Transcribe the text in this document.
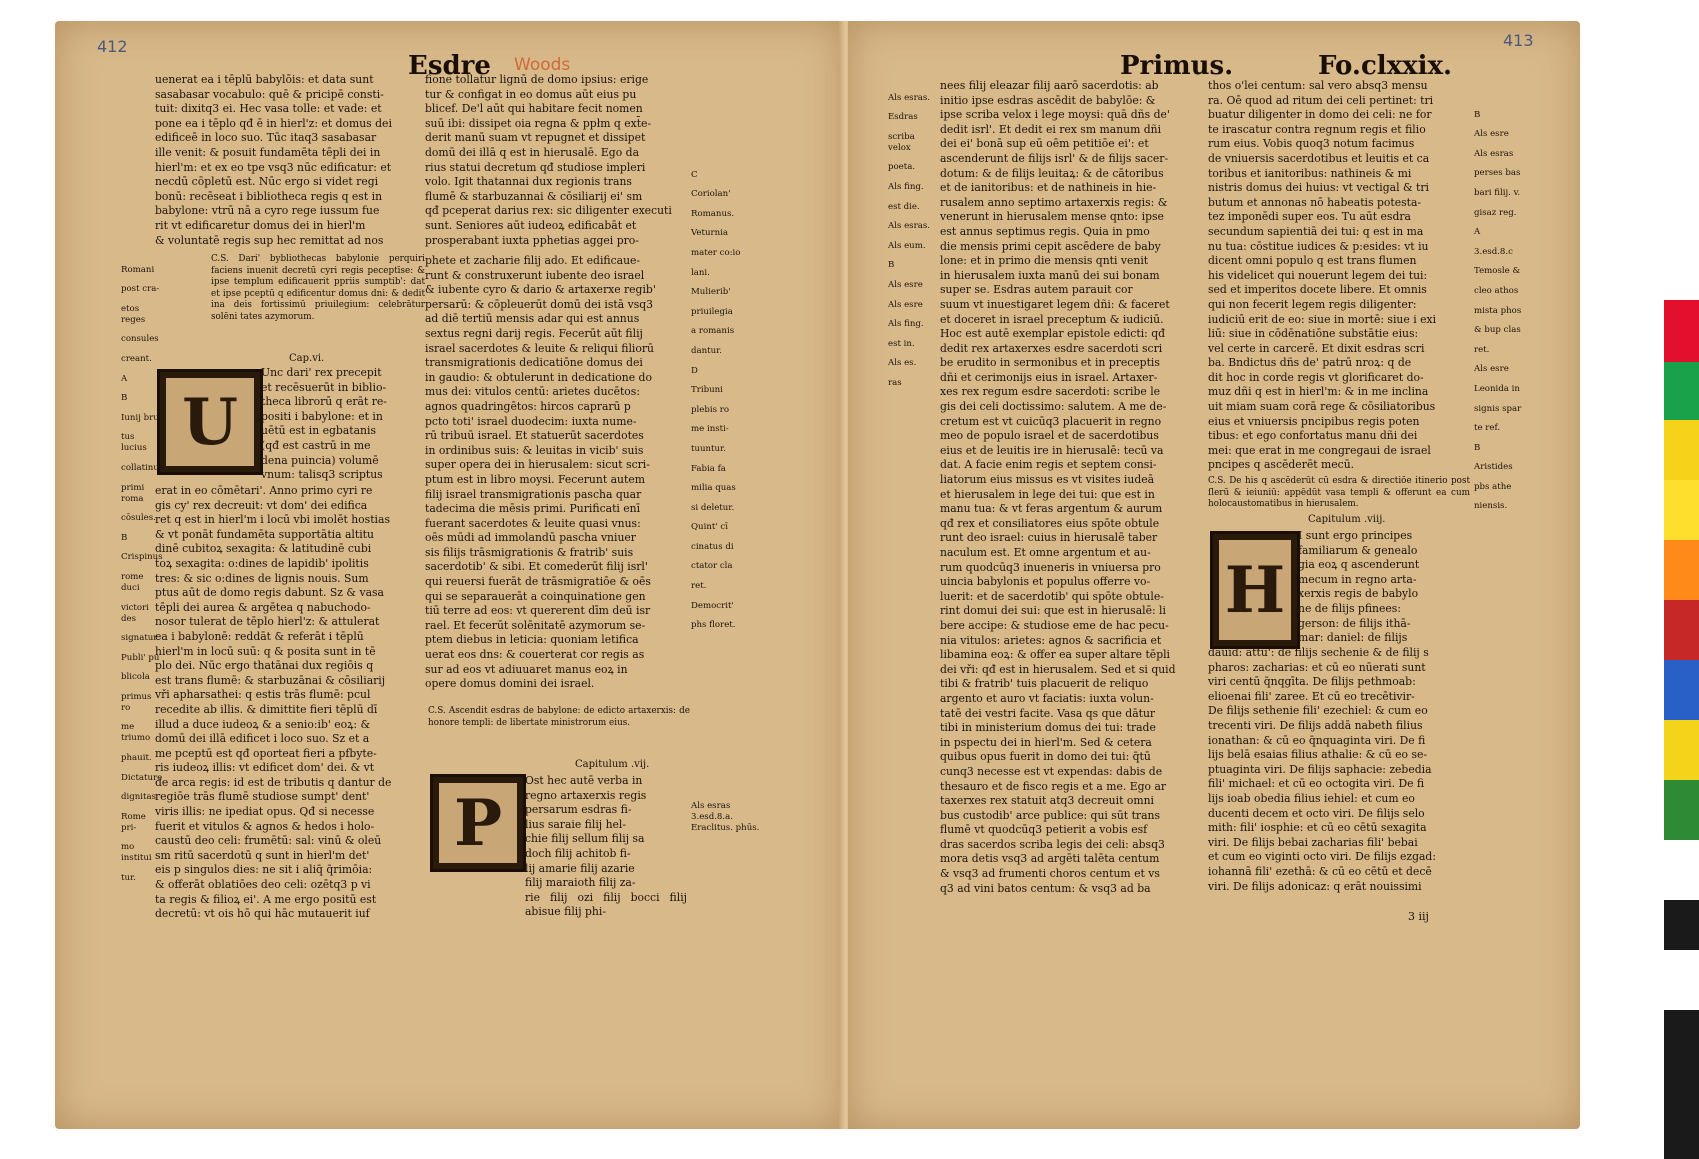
412
Esdre Woods

uenerat ea i tēplū babylōis: et data sunt

sasabasar vocabulo: quē & pricipē consti-

tuit: dixitq3 ei. Hec vasa tolle: et vade: et

pone ea i tēplo qđ ē in hierl'z: et domus dei

edificeē in loco suo. Tūc itaq3 sasabasar

ille venit: & posuit fundamēta tēpli dei in

hierl'm: et ex eo tpe vsq3 nūc edificatur: et

necdū cōpletū est. Nūc ergo si videt regi

bonū: recēseat i bibliotheca regis q est in

babylone: vtrū nā a cyro rege iussum fue

rit vt edificaretur domus dei in hierl'm

& voluntatē regis sup hec remittat ad nos

fione tollatur lignū de domo ipsius: erige

tur & configat in eo domus aūt eius pu

blicef. De'l aūt qui habitare fecit nomen

suū ibi: dissipet oia regna & ppłm q ext̄e-

derit manū suam vt repugnet et dissipet

domū dei illā q est in hierusalē. Ego da

rius statui decretum qđ studiose impleri

volo. Igit thatannai dux regionis trans

flumē & starbuzannai & cōsiliarij ei' sm

qđ pceperat darius rex: sic diligenter executi

sunt. Seniores aūt iudeoꝝ edificabāt et

prosperabant iuxta pphetias aggei pro-

C.S. Dari' bybliothecas babylonie perquiri faciens inuenit decretū cyri regis peceptīse: & ipse templum edificauerit ppriis sumptib': dat et ipse pceptū q edificentur domus dni: & dedit ina deis fortissimū priuilegium: celebrātur solēni tates azymorum.
Cap.vi.
U

Unc dari' rex precepit

et recēsuerūt in biblio-

theca librorū q erāt re-

positi i babylone: et in

uētū est in egbatanis

(qđ est castrū in me

dena puincia) volumē

vnum: talisq3 scriptus

erat in eo cōmētari'. Anno primo cyri re

gis cy' rex decreuit: vt dom' dei edifica

ret q est in hierl'm i locū vbi imolēt hostias

& vt ponāt fundamēta supportātia altitu

dinē cubitoꝝ sexagita: & latitudinē cubi

toꝝ sexagita: o:dines de lapidib' ipolitis

tres: & sic o:dines de lignis nouis. Sum

ptus aūt de domo regis dabunt. Sz & vasa

tēpli dei aurea & argētea q nabuchodo-

nosor tulerat de tēplo hierl'z: & attulerat

ea i babylonē: reddāt & referāt i tēplū

hierl'm in locū suū: q & posita sunt in tē

plo dei. Nūc ergo thatānai dux regiōis q

est trans flumē: & starbuzānai & cōsiliarij

vři apharsathei: q estis trās flumē: pcul

recedite ab illis. & dimittite fieri tēplū dī

illud a duce iudeoꝝ & a senio:ib' eoꝝ: &

domū dei illā edificet i loco suo. Sz et a

me pceptū est qđ oporteat fieri a pfbyte-

ris iudeoꝝ illis: vt edificet dom' dei. & vt

de arca regis: id est de tributis q dantur de

regiōe trās flumē studiose sumpt' dent'

viris illis: ne ipediat opus. Qđ si necesse

fuerit et vitulos & agnos & hedos i holo-

caustū deo celi: frumētū: sal: vinū & oleū

sm ritū sacerdotū q sunt in hierl'm det'

eis p singulos dies: ne sit i aliq̄ q̄rimōia:

& offerāt oblatiōes deo celi: ozētq3 p vi

ta regis & filioꝝ ei'. A me ergo positū est

decretū: vt ois hō qui hāc mutauerit iuf

phete et zacharie filij ado. Et edificaue-

runt & construxerunt iubente deo israel

& iubente cyro & dario & artaxerxe regib'

persarū: & cōpleuerūt domū dei istā vsq3

ad diē tertiū mensis adar qui est annus

sextus regni darij regis. Fecerūt aūt filij

israel sacerdotes & leuite & reliqui filiorū

transmigrationis dedicatiōne domus dei

in gaudio: & obtulerunt in dedicatione do

mus dei: vitulos centū: arietes ducētos:

agnos quadringētos: hircos caprarū p

pcto toti' israel duodecim: iuxta nume-

rū tribuū israel. Et statuerūt sacerdotes

in ordinibus suis: & leuitas in vicib' suis

super opera dei in hierusalem: sicut scri-

ptum est in libro moysi. Fecerunt autem

filij israel transmigrationis pascha quar

tadecima die mēsis primi. Purificati enī

fuerant sacerdotes & leuite quasi vnus:

oēs mūdi ad immolandū pascha vniuer

sis filijs trāsmigrationis & fratrib' suis

sacerdotib' & sibi. Et comederūt filij isrl'

qui reuersi fuerāt de trāsmigratiōe & oēs

qui se separauerāt a coinquinatione gen

tiū terre ad eos: vt quererent dīm deū isr

rael. Et fecerūt solēnitatē azymorum se-

ptem diebus in leticia: quoniam letifica

uerat eos dns: & couerterat cor regis as

sur ad eos vt adiuuaret manus eoꝝ in

opere domus domini dei israel.

C.S. Ascendit esdras de babylone: de edicto artaxerxis: de honore templi: de libertate ministrorum eius.
Capitulum .vij.
P

Ost hec autē verba in

regno artaxerxis regis

persarum esdras fi-

lius saraie filij hel-

chie filij sellum filij sa

doch filij achitob fi-

lij amarie filij azarie

filij maraioth filij za-

rie filij ozi filij bocci filij abisue filij phi-

Romani

post cra-

etos reges

consules

creant.

A

B

Iunij bru

tus lucius

collatinus

primi roma

cōsules.

B

Crispinus

rome duci

victori des

signatur.

Publi' pu

blicola

primus ro

me triumo

phauit.

Dictature

dignitas

Rome pri-

mo institui

tur.

C

Coriolan'

Romanus.

Veturnia

mater co:io

lani.

Mulierib'

priuilegia

a romanis

dantur.

D

Tribuni

plebis ro

me insti-

tuuntur.

Fabia fa

milia quas

si deletur.

Quint' cī

cinatus di

ctator cla

ret.

Democrit'

phs floret.

Als esras 3.esd.8.a. Eraclitus. phūs.
413
Primus.	Fo.clxxix.

Als esras.

Esdras

scriba velox

poeta.

Als fing.

est die.

Als esras.

Als eum.

B

Als esre

Als esre

Als fing.

est in.

Als es.

ras

nees filij eleazar filij aarō sacerdotis: ab

initio ipse esdras ascēdit de babylōe: &

ipse scriba velox i lege moysi: quā dñs de'

dedit isrl'. Et dedit ei rex sm manum dñi

dei ei' bonā sup eū oēm petitiōe ei': et

ascenderunt de filijs isrl' & de filijs sacer-

dotum: & de filijs leuitaꝝ: & de cātoribus

et de ianitoribus: et de nathineis in hie-

rusalem anno septimo artaxerxis regis: &

venerunt in hierusalem mense qnto: ipse

est annus septimus regis. Quia in pmo

die mensis primi cepit ascēdere de baby

lone: et in primo die mensis qnti venit

in hierusalem iuxta manū dei sui bonam

super se. Esdras autem parauit cor

suum vt inuestigaret legem dñi: & faceret

et doceret in israel preceptum & iudiciū.

Hoc est autē exemplar epistole edicti: qđ

dedit rex artaxerxes esdre sacerdoti scri

be erudito in sermonibus et in preceptis

dñi et cerimonijs eius in israel. Artaxer-

xes rex regum esdre sacerdoti: scribe le

gis dei celi doctissimo: salutem. A me de-

cretum est vt cuicūq3 placuerit in regno

meo de populo israel et de sacerdotibus

eius et de leuitis ire in hierusalē: tecū va

dat. A facie enim regis et septem consi-

liatorum eius missus es vt visites iudeā

et hierusalem in lege dei tui: que est in

manu tua: & vt feras argentum & aurum

qđ rex et consiliatores eius spōte obtule

runt deo israel: cuius in hierusalē taber

naculum est. Et omne argentum et au-

rum quodcūq3 inueneris in vniuersa pro

uincia babylonis et populus offerre vo-

luerit: et de sacerdotib' qui spōte obtule-

rint domui dei sui: que est in hierusalē: li

bere accipe: & studiose eme de hac pecu-

nia vitulos: arietes: agnos & sacrificia et

libamina eoꝝ: & offer ea super altare tēpli

dei vři: qđ est in hierusalem. Sed et si quid

tibi & fratrib' tuis placuerit de reliquo

argento et auro vt faciatis: iuxta volun-

tatē dei vestri facite. Vasa qs que dātur

tibi in ministerium domus dei tui: trade

in pspectu dei in hierl'm. Sed & cetera

quibus opus fuerit in domo dei tui: q̄tū

cunq3 necesse est vt expendas: dabis de

thesauro et de fisco regis et a me. Ego ar

taxerxes rex statuit atq3 decreuit omni

bus custodib' arce publice: qui sūt trans

flumē vt quodcūq3 petierit a vobis esf

dras sacerdos scriba legis dei celi: absq3

mora detis vsq3 ad argēti talēta centum

& vsq3 ad frumenti choros centum et vs

q3 ad vini batos centum: & vsq3 ad ba

thos o'lei centum: sal vero absq3 mensu

ra. Oē quod ad ritum dei celi pertinet: tri

buatur diligenter in domo dei celi: ne for

te irascatur contra regnum regis et filio

rum eius. Vobis quoq3 notum facimus

de vniuersis sacerdotibus et leuitis et ca

toribus et ianitoribus: nathineis & mi

nistris domus dei huius: vt vectigal & tri

butum et annonas nō habeatis potesta-

tez imponēdi super eos. Tu aūt esdra

secundum sapientiā dei tui: q est in ma

nu tua: cōstitue iudices & p:esides: vt iu

dicent omni populo q est trans flumen

his videlicet qui nouerunt legem dei tui:

sed et imperitos docete libere. Et omnis

qui non fecerit legem regis diligenter:

iudiciū erit de eo: siue in mortē: siue i exi

liū: siue in cōdēnatiōne substātie eius:

vel certe in carcerē. Et dixit esdras scri

ba. Bndictus dñs de' patrū nroꝝ: q de

dit hoc in corde regis vt glorificaret do-

muz dñi q est in hierl'm: & in me inclina

uit miam suam corā rege & cōsiliatoribus

eius et vniuersis pncipibus regis poten

tibus: et ego confortatus manu dñi dei

mei: que erat in me congregaui de israel

pncipes q ascēderēt mecū.

C.S. De his q ascēderūt cū esdra & directiōe itinerio post ſlerū & ieiuniū: appēdūt vasa templi & offerunt ea cum holocaustomatibus in hierusalem.
Capitulum .viij.
H

I sunt ergo principes

familiarum & genealo

gia eoꝝ q ascenderunt

mecum in regno arta-

xerxis regis de babylo

ne de filijs pfinees:

gerson: de filijs ithā-

mar: daniel: de filijs

dauid: attu': de filijs sechenie & de filij s

pharos: zacharias: et cū eo nūerati sunt

viri centū q̄nqgīta. De filijs pethmoab:

elioenai fili' zaree. Et cū eo trecētivir-

De filijs sethenie fili' ezechiel: & cum eo

trecenti viri. De filijs addā nabeth filius

ionathan: & cū eo q̄nquaginta viri. De fi

lijs belā esaias filius athalie: & cū eo se-

ptuaginta viri. De filijs saphacie: zebedia

fili' michael: et cū eo octogita viri. De fi

lijs ioab obedia filius iehiel: et cum eo

ducenti decem et octo viri. De filijs selo

mith: fili' iosphie: et cū eo cētū sexagita

viri. De filijs bebai zacharias fili' bebai

et cum eo viginti octo viri. De filijs ezgad:

iohannā fili' ezethā: & cū eo cētū et decē

viri. De filijs adonicaz: q erāt nouissimi

3 iij

B

Als esre

Als esras

perses bas

bari filij. v.

gisaz reg.

A

3.esd.8.c

Temosle &

cleo athos

mista phos

& bup clas

ret.

Als esre

Leonida in

signis spar

te ref.

B

Aristides

pbs athe

niensis.
